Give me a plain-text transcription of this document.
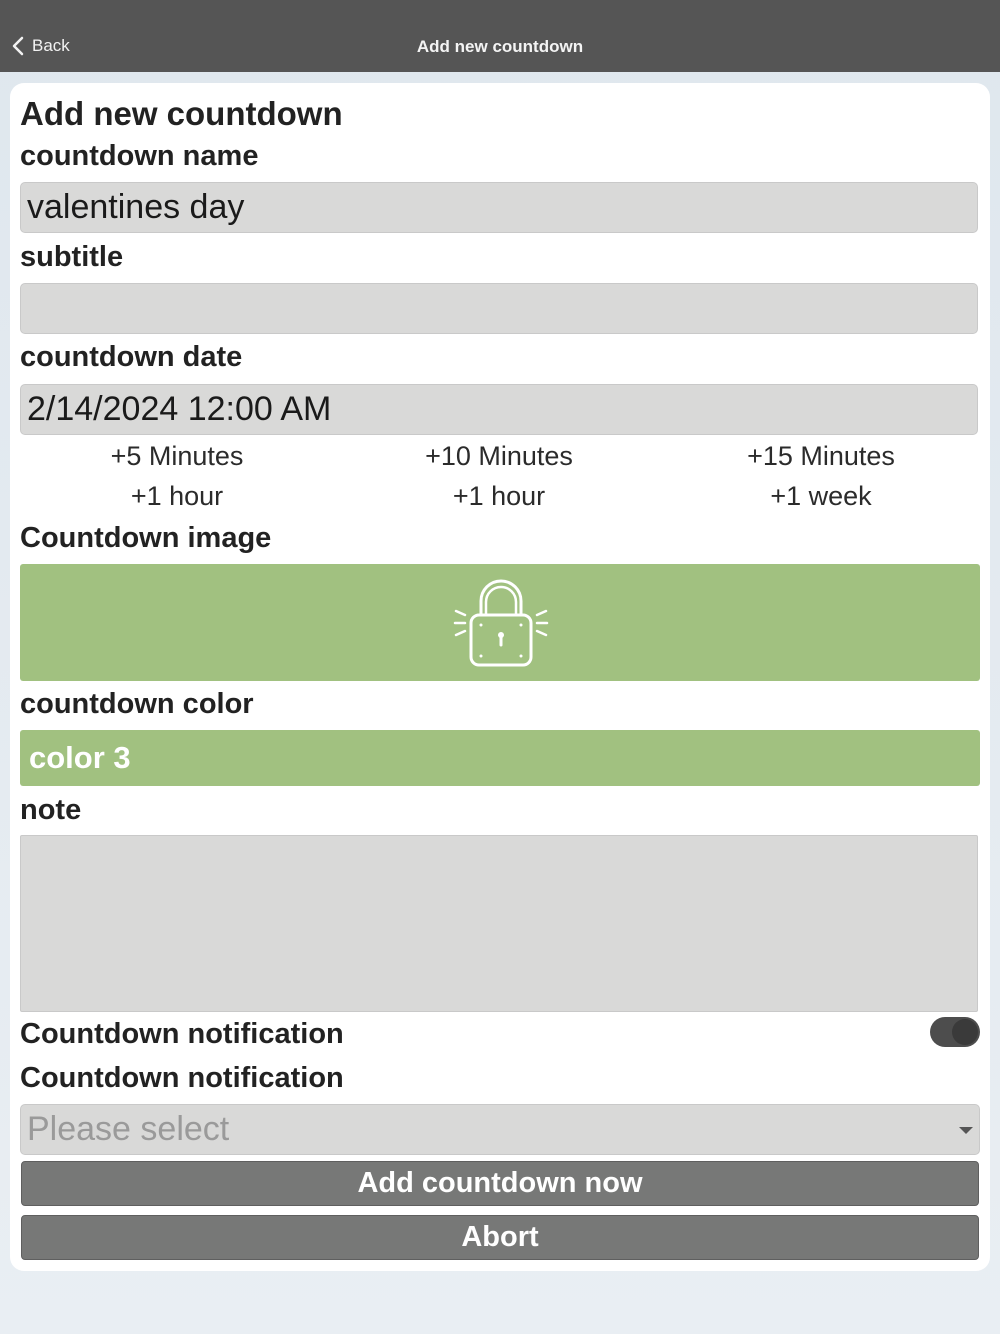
Back	Add new countdown
Add new countdown
countdown name
valentines day
subtitle
countdown date
2/14/2024 12:00 AM
+5 Minutes	+10 Minutes	+15 Minutes
+1 hour	+1 hour	+1 week
Countdown image
countdown color
color 3
note
Countdown notification
Countdown notification
Please select
Add countdown now
Abort
